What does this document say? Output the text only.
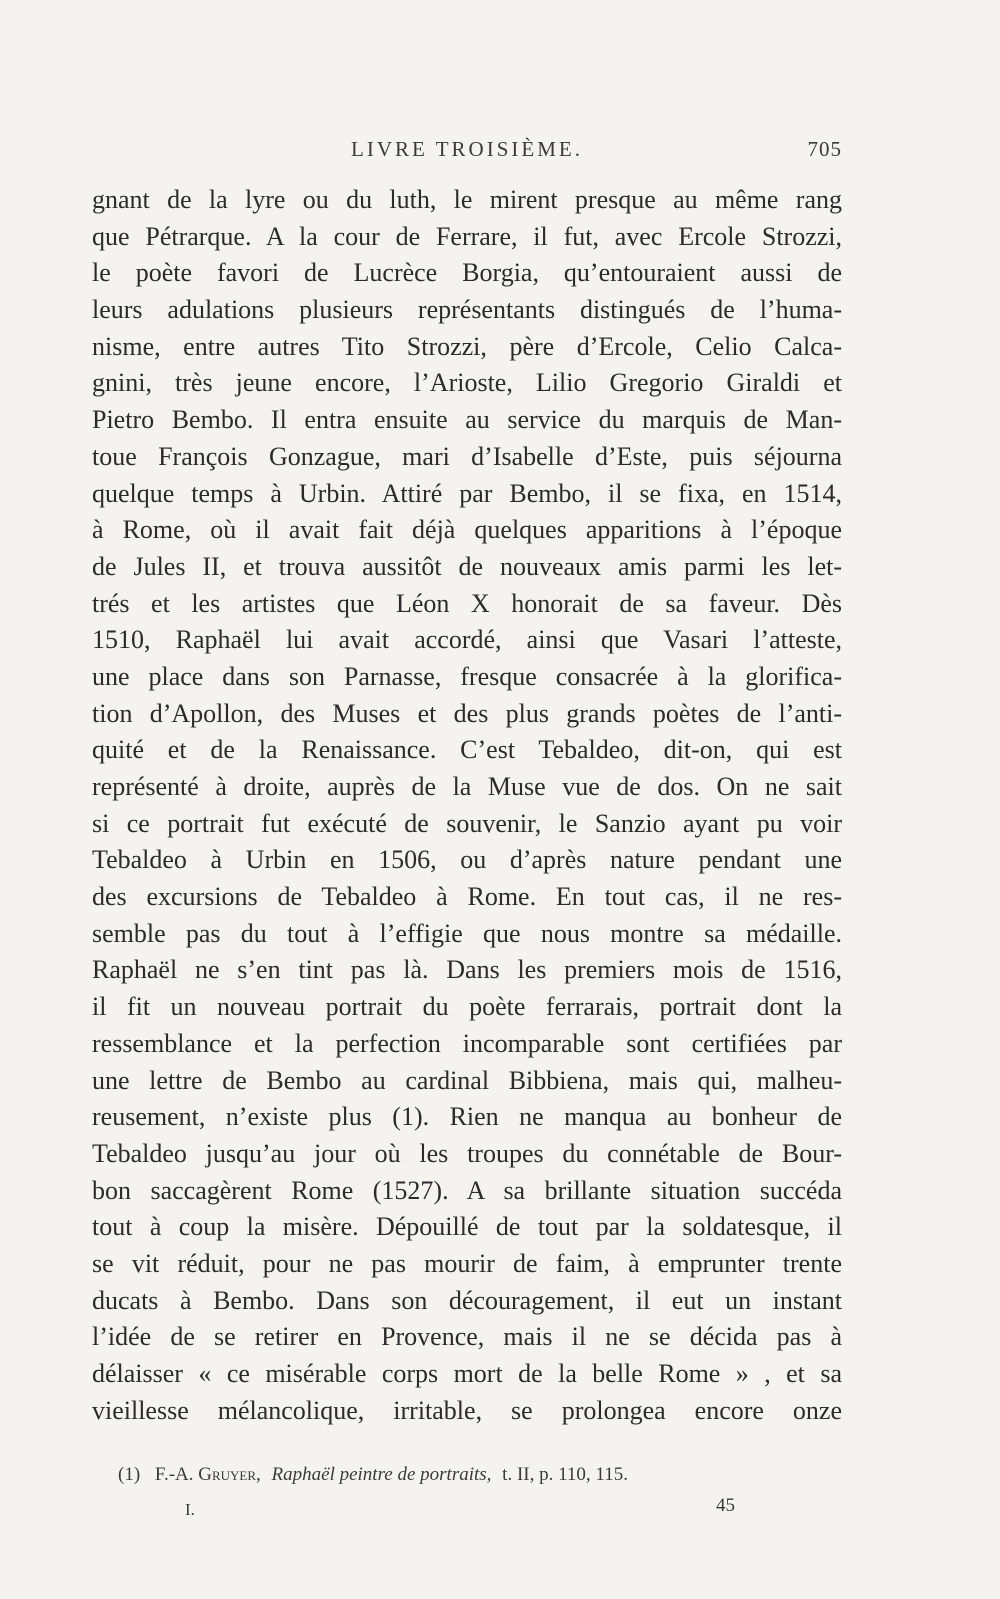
LIVRE TROISIÈME.	705
gnant de la lyre ou du luth, le mirent presque au même rang
que Pétrarque. A la cour de Ferrare, il fut, avec Ercole Strozzi,
le poète favori de Lucrèce Borgia, qu’entouraient aussi de
leurs adulations plusieurs représentants distingués de l’huma-
nisme, entre autres Tito Strozzi, père d’Ercole, Celio Calca-
gnini, très jeune encore, l’Arioste, Lilio Gregorio Giraldi et
Pietro Bembo. Il entra ensuite au service du marquis de Man-
toue François Gonzague, mari d’Isabelle d’Este, puis séjourna
quelque temps à Urbin. Attiré par Bembo, il se fixa, en 1514,
à Rome, où il avait fait déjà quelques apparitions à l’époque
de Jules II, et trouva aussitôt de nouveaux amis parmi les let-
trés et les artistes que Léon X honorait de sa faveur. Dès
1510, Raphaël lui avait accordé, ainsi que Vasari l’atteste,
une place dans son Parnasse, fresque consacrée à la glorifica-
tion d’Apollon, des Muses et des plus grands poètes de l’anti-
quité et de la Renaissance. C’est Tebaldeo, dit-on, qui est
représenté à droite, auprès de la Muse vue de dos. On ne sait
si ce portrait fut exécuté de souvenir, le Sanzio ayant pu voir
Tebaldeo à Urbin en 1506, ou d’après nature pendant une
des excursions de Tebaldeo à Rome. En tout cas, il ne res-
semble pas du tout à l’effigie que nous montre sa médaille.
Raphaël ne s’en tint pas là. Dans les premiers mois de 1516,
il fit un nouveau portrait du poète ferrarais, portrait dont la
ressemblance et la perfection incomparable sont certifiées par
une lettre de Bembo au cardinal Bibbiena, mais qui, malheu-
reusement, n’existe plus (1). Rien ne manqua au bonheur de
Tebaldeo jusqu’au jour où les troupes du connétable de Bour-
bon saccagèrent Rome (1527). A sa brillante situation succéda
tout à coup la misère. Dépouillé de tout par la soldatesque, il
se vit réduit, pour ne pas mourir de faim, à emprunter trente
ducats à Bembo. Dans son découragement, il eut un instant
l’idée de se retirer en Provence, mais il ne se décida pas à
délaisser « ce misérable corps mort de la belle Rome » , et sa
vieillesse mélancolique, irritable, se prolongea encore onze
(1) F.-A. Gruyer, Raphaël peintre de portraits, t. II, p. 110, 115.
I.	45
